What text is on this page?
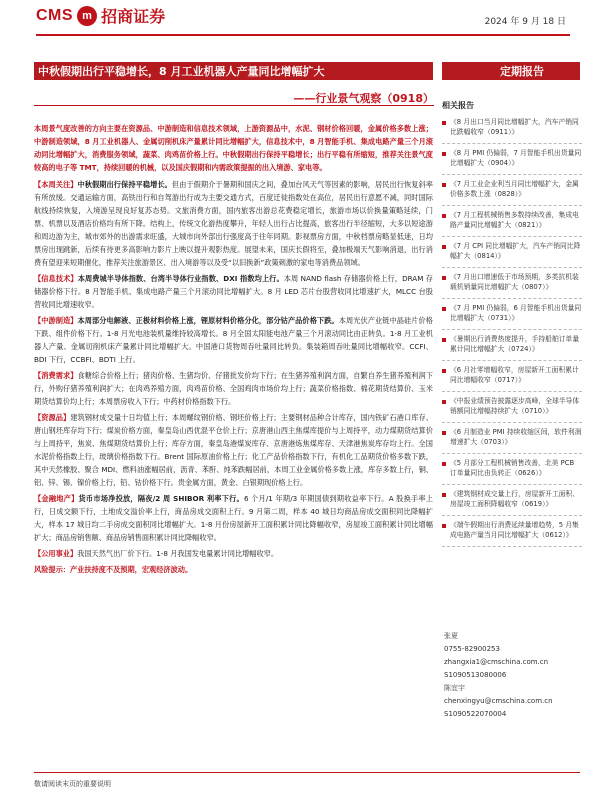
CMS m 招商证券	2024 年 9 月 18 日
中秋假期出行平稳增长，8 月工业机器人产量同比增幅扩大	定期报告
——行业景气观察（0918）

本周景气度改善的方向主要在资源品、中游制造和信息技术领域，上游资源品中，水泥、钢材价格回暖，金属价格多数上涨；中游制造领域，8 月工业机器人、金属切削机床产量累计同比增幅扩大，信息技术中，8 月智能手机、集成电路产量三个月滚动同比增幅扩大，消费服务领域，蔬菜、肉鸡苗价格上行。中秋假期出行保持平稳增长；出行平稳有所缩短，推荐关注景气度较高的电子等 TMT，持续回暖的机械，以及国庆假期和内需政策提振的出入境游、家电等。

【本周关注】中秋假期出行保持平稳增长。但由于假期介于暑期和国庆之间，叠加台风天气等因素的影响，居民出行恢复斜率有所放缓。交通运输方面，高铁出行和自驾游出行成为主要交通方式，百度迁徙指数处在高位，居民出行意愿不减，同时国际航线持续恢复，入境游呈现良好复苏态势。文旅消费方面，国内旅客出游总花费稳定增长，旅游市场以价换量策略延续，门票、机票以及酒店价格均有所下降。结构上，传统文化游热度攀升，年轻人出行占比提高，旅客出行半径缩短，大多以短途游和周边游为主，城市郊外的出游需求旺盛，大城市向外部出行强度高于往年同期。影视票房方面，中秋档票房略显低迷，日均票房出现跳新，后续有待更多高影响力影片上映以提升观影热度。展望未来，国庆长假将至，叠加极端天气影响消退，出行消费有望迎来短期催化，推荐关注旅游景区、出入境游等以及受“以旧换新”政策刺激的家电等消费品领域。

【信息技术】本周费城半导体指数、台湾半导体行业指数、DXI 指数均上行。本周 NAND flash 存储器价格上行，DRAM 存储器价格下行。8 月智能手机、集成电路产量三个月滚动同比增幅扩大。8 月 LED 芯片台股营收同比增速扩大，MLCC 台股营收同比增速收窄。

【中游制造】本周部分电解液、正极材料价格上涨，锂原材料价格分化，部分钴产品价格下跌。本周光伏产业链中晶硅片价格下跌、组件价格下行。1-8 月光电池装机量维持较高增长。8 月全国太阳能电池产量三个月滚动同比由正转负。1-8 月工业机器人产量、金属切削机床产量累计同比增幅扩大。中国港口货物周吞吐量同比转负。集装箱周吞吐量同比增幅收窄。CCFI、BDI 下行，CCBFI、BDTI 上行。

【消费需求】食糖综合价格上行；猪肉价格、生猪均价、仔猪批发价均下行；在生猪养殖利润方面，自繁自养生猪养殖利润下行，外购仔猪养殖利润扩大；在肉鸡养殖方面，肉鸡苗价格、全国鸡肉市场价均上行；蔬菜价格指数、棉花期货结算价、玉米期货结算价均上行；本周票房收入下行；中药材价格指数下行。

【资源品】建筑钢材成交量十日均值上行；本周螺纹钢价格、钢坯价格上行；主要钢材品种合计库存，国内铁矿石港口库存、唐山钢坯库存均下行；煤炭价格方面，秦皇岛山西优混平仓价上行；京唐港山西主焦煤库提价与上周持平，动力煤期货结算价与上周持平，焦炭、焦煤期货结算价上行；库存方面，秦皇岛港煤炭库存、京唐港炼焦煤库存、天津港焦炭库存均上行。全国水泥价格指数上行，玻璃价格指数下行。Brent 国际原油价格上行；化工产品价格指数下行，有机化工品期货价格多数下跌，其中天然橡胶、聚合 MDI、燃料油涨幅居前，沥青、苯酐、纯苯跌幅居前，本周工业金属价格多数上涨，库存多数上行，铜、铝、锌、锡、镍价格上行，铅、钴价格下行。贵金属方面，黄金、白银期现价格上行。

【金融地产】货币市场净投放，隔夜/2 周 SHIBOR 利率下行。6 个月/1 年期/3 年期国债到期收益率下行。A 股换手率上行，日成交额下行，土地成交溢价率上行，商品房成交面积上行。9 月第二周，样本 40 城日均商品房成交面积同比降幅扩大，样本 17 城日均二手房成交面积同比增幅扩大。1-8 月份房屋新开工面积累计同比降幅收窄，房屋竣工面积累计同比增幅扩大；商品房销售额、商品房销售面积累计同比降幅收窄。

【公用事业】我国天然气出厂价下行。1-8 月我国发电量累计同比增幅收窄。

风险提示：产业扶持度不及预期，宏观经济波动。

相关报告
《8 月出口当月同比增幅扩大，汽车产销同比跌幅收窄（0911）》
《8 月 PMI 仍偏弱，7 月智能手机出货量同比增幅扩大（0904）》
《7 月工业企业利当月同比增幅扩大，金属价格多数上涨（0828）》
《7 月工程机械销售多数持续改善，集成电路产量同比增幅扩大（0821）》
《7 月 CPI 同比增幅扩大，汽车产销同比降幅扩大（0814）》
《7 月出口增速低于市场预期，多类抗机装载机销量同比增幅扩大（0807）》
《7 月 PMI 仍偏弱，6 月智能手机出货量同比增幅扩大（0731）》
《暑期出行消费热度提升，手持船舶订单量累计同比增幅扩大（0724）》
《6 月社零增幅收窄，房屋新开工面积累计同比增幅收窄（0717）》
《中报业绩预告披露逐步高峰，全球半导体销额同比增幅持续扩大（0710）》
《6 月制造业 PMI 持续收缩区间，软件利润增速扩大（0703）》
《5 月部分工程机械销售改善，北美 PCB 订单量同比由负转正（0626）》
《建筑钢材成交量上行，房屋新开工面积、房屋竣工面积降幅收窄（0619）》
《端午假期出行消费延续量增趋势，5 月集成电路产量当月同比增幅扩大（0612）》
张夏
0755-82900253
zhangxia1@cmschina.com.cn
S1090513080006
陈宜宇
chenxingyu@cmschina.com.cn
S1090522070004
敬请阅读末页的重要说明
